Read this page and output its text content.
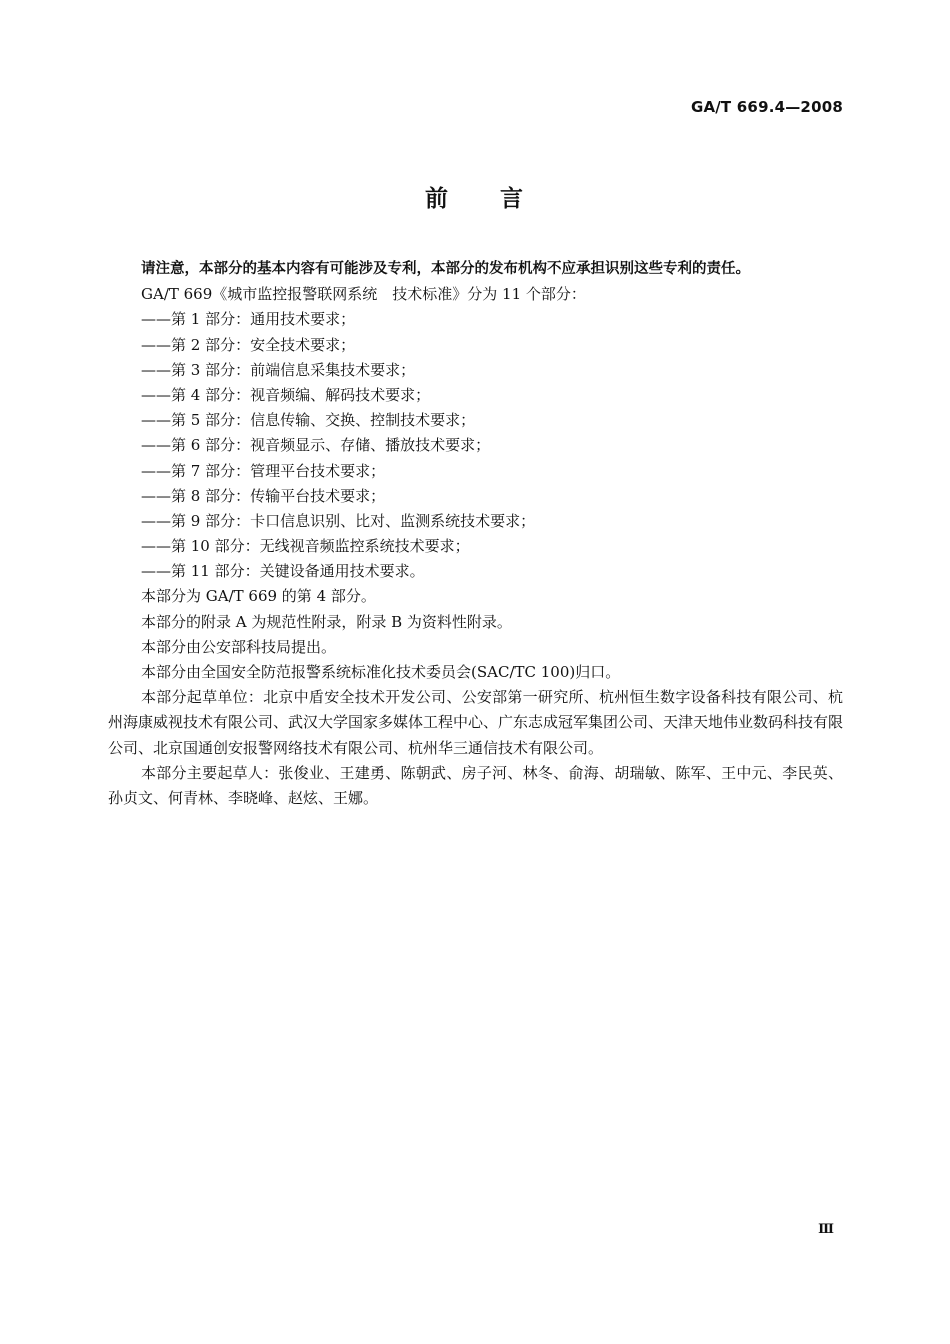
GA/T 669.4—2008
前　　言
请注意，本部分的基本内容有可能涉及专利，本部分的发布机构不应承担识别这些专利的责任。
GA/T 669《城市监控报警联网系统　技术标准》分为 11 个部分：
——第 1 部分：通用技术要求；
——第 2 部分：安全技术要求；
——第 3 部分：前端信息采集技术要求；
——第 4 部分：视音频编、解码技术要求；
——第 5 部分：信息传输、交换、控制技术要求；
——第 6 部分：视音频显示、存储、播放技术要求；
——第 7 部分：管理平台技术要求；
——第 8 部分：传输平台技术要求；
——第 9 部分：卡口信息识别、比对、监测系统技术要求；
——第 10 部分：无线视音频监控系统技术要求；
——第 11 部分：关键设备通用技术要求。
本部分为 GA/T 669 的第 4 部分。
本部分的附录 A 为规范性附录，附录 B 为资料性附录。
本部分由公安部科技局提出。
本部分由全国安全防范报警系统标准化技术委员会(SAC/TC 100)归口。
本部分起草单位：北京中盾安全技术开发公司、公安部第一研究所、杭州恒生数字设备科技有限公司、杭州海康威视技术有限公司、武汉大学国家多媒体工程中心、广东志成冠军集团公司、天津天地伟业数码科技有限公司、北京国通创安报警网络技术有限公司、杭州华三通信技术有限公司。
本部分主要起草人：张俊业、王建勇、陈朝武、房子河、林冬、俞海、胡瑞敏、陈军、王中元、李民英、孙贞文、何青林、李晓峰、赵炫、王娜。
Ⅲ
